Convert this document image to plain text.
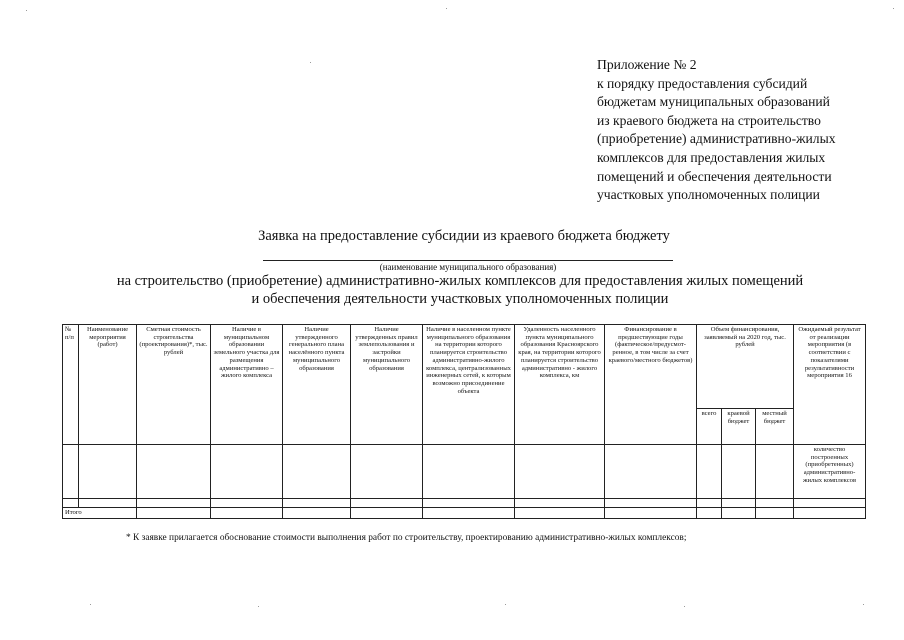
Приложение № 2
к порядку предоставления субсидий
бюджетам муниципальных образований
из краевого бюджета на строительство
(приобретение) административно-жилых
комплексов для предоставления жилых
помещений и обеспечения деятельности
участковых уполномоченных полиции
Заявка на предоставление субсидии из краевого бюджета бюджету
(наименование муниципального образования)
на строительство (приобретение) административно-жилых комплексов для предоставления жилых помещений
и обеспечения деятельности участковых уполномоченных полиции
№ п/п	Наименование мероприятия (работ)	Сметная стоимость строительства (проектирования)*, тыс. рублей	Наличие в муниципальном образовании земельного участка для размещения административно – жилого комплекса	Наличие утвержденного генерального плана населённого пункта муниципального образования	Наличие утвержденных правил землепользования и застройки муниципального образования	Наличие в населенном пункте муниципального образования на территории которого планируется строительство административно-жилого комплекса, централизованных инженерных сетей, к которым возможно присоединение объекта	Удаленность населенного пункта муниципального образования Красноярского края, на территории которого планируется строительство административно - жилого комплекса, км	Финансирование в предшествующие годы (фактическое/предусмот-ренное, в том числе за счет краевого/местного бюджетов)	Объем финансирования, заявляемый на 2020 год, тыс. рублей			Ожидаемый результат от реализации мероприятия (в соответствии с показателями результативности мероприятия 16
									всего	краевой бюджет	местный бюджет	
												количество построенных (приобретенных) административно-жилых комплексов

Итого												
* К заявке прилагается обоснование стоимости выполнения работ по строительству, проектированию административно-жилых комплексов;
